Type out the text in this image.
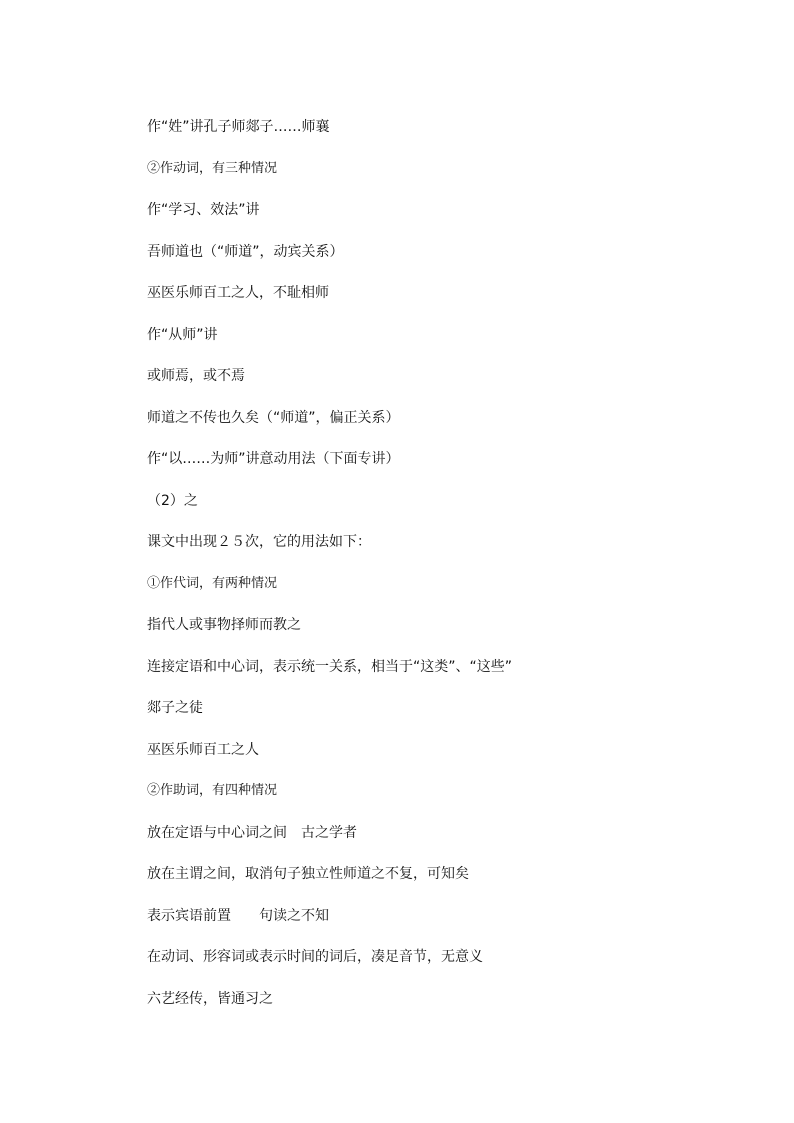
作“姓”讲孔子师郯子……师襄
②作动词，有三种情况
作“学习、效法”讲
吾师道也（“师道”，动宾关系）
巫医乐师百工之人，不耻相师
作“从师”讲
或师焉，或不焉
师道之不传也久矣（“师道”，偏正关系）
作“以……为师”讲意动用法（下面专讲）
（2）之
课文中出现２５次，它的用法如下：
①作代词，有两种情况
指代人或事物择师而教之
连接定语和中心词，表示统一关系，相当于“这类”、“这些”
郯子之徒
巫医乐师百工之人
②作助词，有四种情况
放在定语与中心词之间　古之学者
放在主谓之间，取消句子独立性师道之不复，可知矣
表示宾语前置　　句读之不知
在动词、形容词或表示时间的词后，凑足音节，无意义
六艺经传，皆通习之
